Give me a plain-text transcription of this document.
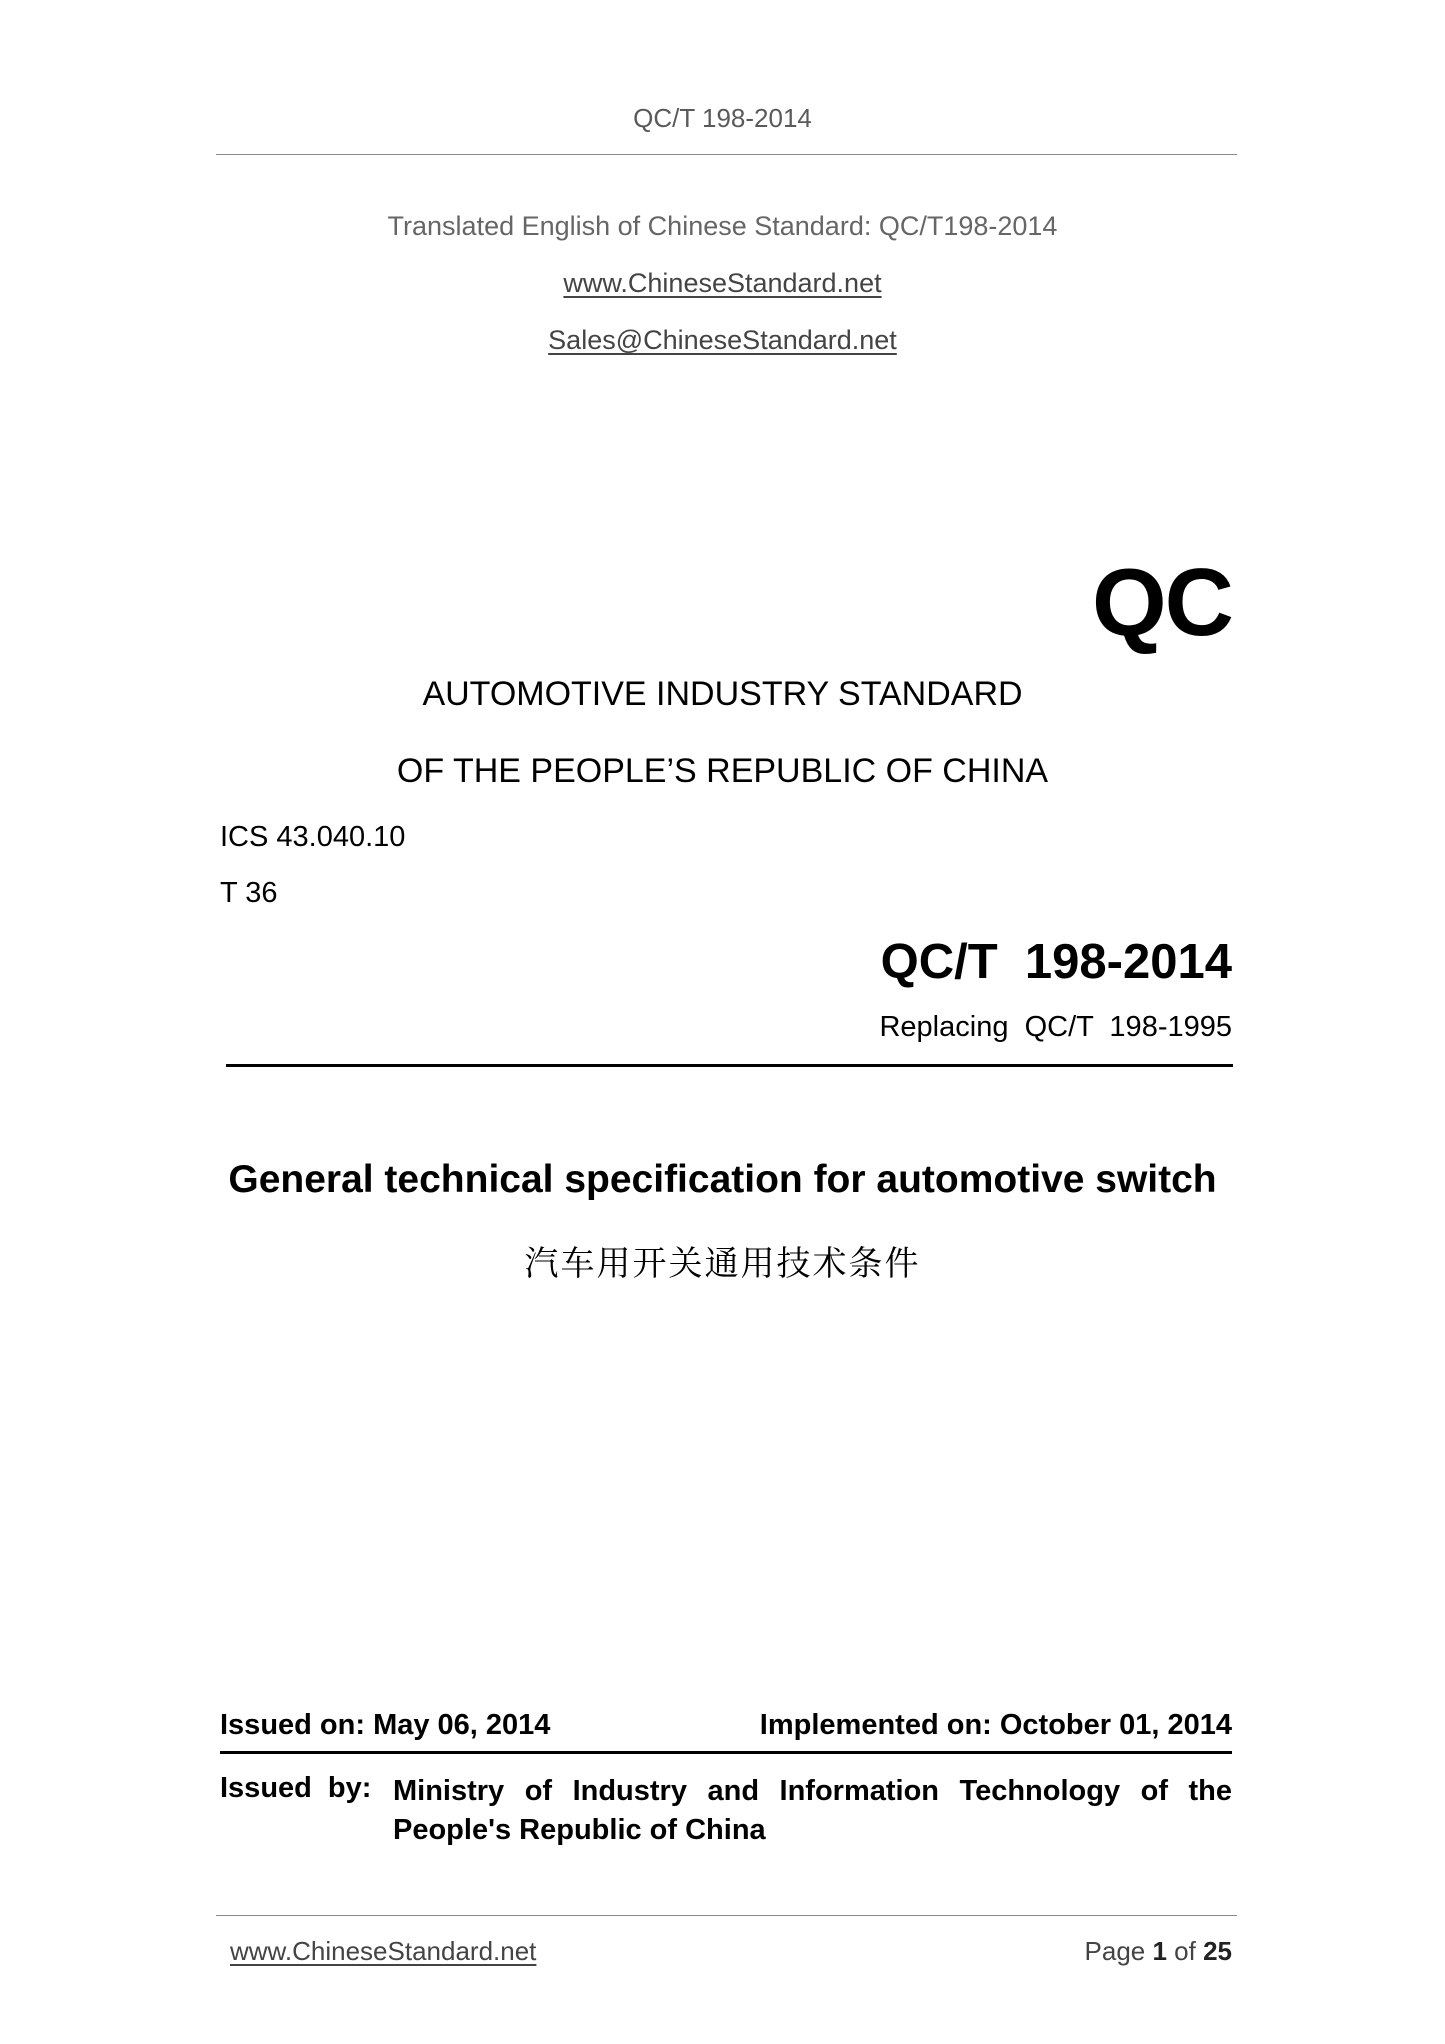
QC/T 198-2014
Translated English of Chinese Standard: QC/T198-2014
www.ChineseStandard.net
Sales@ChineseStandard.net
QC
AUTOMOTIVE INDUSTRY STANDARD
OF THE PEOPLE’S REPUBLIC OF CHINA
ICS 43.040.10
T 36
QC/T  198-2014
Replacing  QC/T  198-1995
General technical specification for automotive switch
汽车用开关通用技术条件
Issued on: May 06, 2014	Implemented on: October 01, 2014
Issued by: Ministry of Industry and Information Technology of the People's Republic of China
www.ChineseStandard.net	Page 1 of 25
